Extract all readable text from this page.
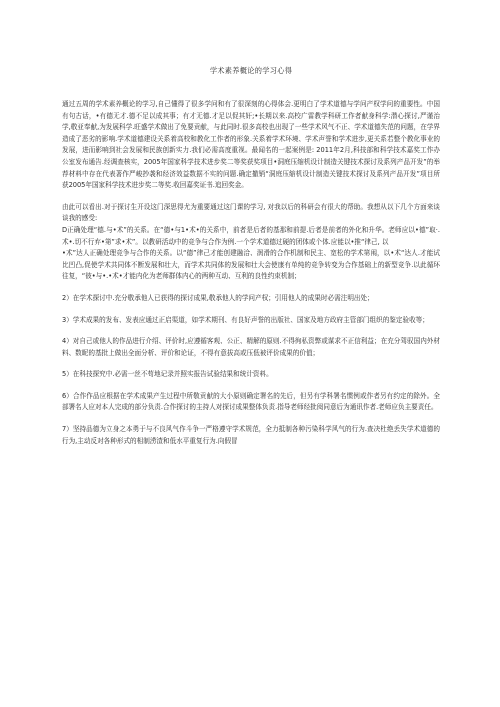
学术素养概论的学习心得

通过五周的学术素养概论的学习,自己懂得了很多学问和有了很深刻的心得体会.更明白了学术道德与学问产权学问的重要性。中国有句古话，•有德无才.德不足以成其事；有才无德.才足以促其奸;•长期以来.高校广雷教学科研工作者献身科学:潜心探讨,严谨治学,敬亚奉献,为发展科学.旺盛学术做出了免要贡献，与此同时.很多高校也出现了一些学术风气不正、学术道德失范的问题，在学界造成了恶劣的影响.学术道德建设关系着高校和教化工作者的形象.关系着学术环境、学术声誉和学术进步,更关系若整个教化事业的发展，进而影响到社会发展和民族创新实力.我们必需高度重视。最闻名的一起案例是: 2011年2月,科技部和科学技术嘉奖工作办公室发布通告.经调查核实，2005年国家科学技术进步奖二等奖获奖项目•洞庭压缩机设计制造关键技术探讨及系列产品开发”的举荐材料中存在代表著作严峻抄袭和经济效益数据不实的问题.确定撤销“洞庭压缩机设计制造关键技术探讨及系列产品开发”项目所获2005年国家科学技术进步奖二等奖.收回嘉奖证书.追回奖金。

由此可以看出.对于探讨生开设这门深思得尤为重要通过这门课的学习, 对我以后的科研会有很大的帮助。我想从以下几个方面来谈谈我的感受:

D正确处理“德.与•术”的关系。在“德•与1•术•的关系中，前者是后者的基那和前提.后者是前者的外化和升华。老师应以•德”取·.术•.切不行弃•第”求•术”。以教研活动中的竞争与合作为例.一个学术道德过硬的团体或个体.应能以•推“律己, 以

•术”达人正确处理竞争与合作的关系。以“德”律己才能创建融洽、润滑的合作机制和民主、宽松的学术第闱，以•术“达人.才能试比凹凸,促使学术共同体不断发展和壮大，而学术共同体的发展和壮大会使康有单纯的竞争转变为合作基础上的新型竞争.以此循环往复，“彼•与•.•术•才能内化为老师群体内心的两种互动、互利的良性约束机制；

2）在学术探讨中.充分敬承他人已获得的探讨成果,敬承他人的学问产权；引用他人的成果时必需注明出处；

3）学术成果的发布、发表应通过正启渠道，如学术期刊、有良好声誉的出版社、国家及地方政府主管部门组织的鉴定验收等；

4）对自己或他人的作品进行介绍、评价时,应遵循客观、公正、精解的原则.不得徇私资弊或谋求不正信利益；在充分驾驭国内外材料、数昵的基批上做出全面分析、评价和论证，不得有意拔高或压低被评价成果的价值；

5）在科技探究中.必需一丝不苟地记录并照实报告试验结果和统计资料。

6）合作作品应根据在学术成果产生过程中所敬贡献的大小原则确定署名的先后，但另有学科署名惯例或作者另有约定的除外。全部署名人应对本人完成的部分负责.合作探讨的主持人对探讨成果整体负责.指导老师经批阅同意后为通讯作者.老师应负主要责任。

7）坚持品德为立身之本勇于与不良风气作斗争一严格遵守学术规范，全力抵制各种污染科学风气的行为.查决杜绝丢失学术道德的行为,主动反对各种形式的相制涝渣和低水平重复行为.向假冒
